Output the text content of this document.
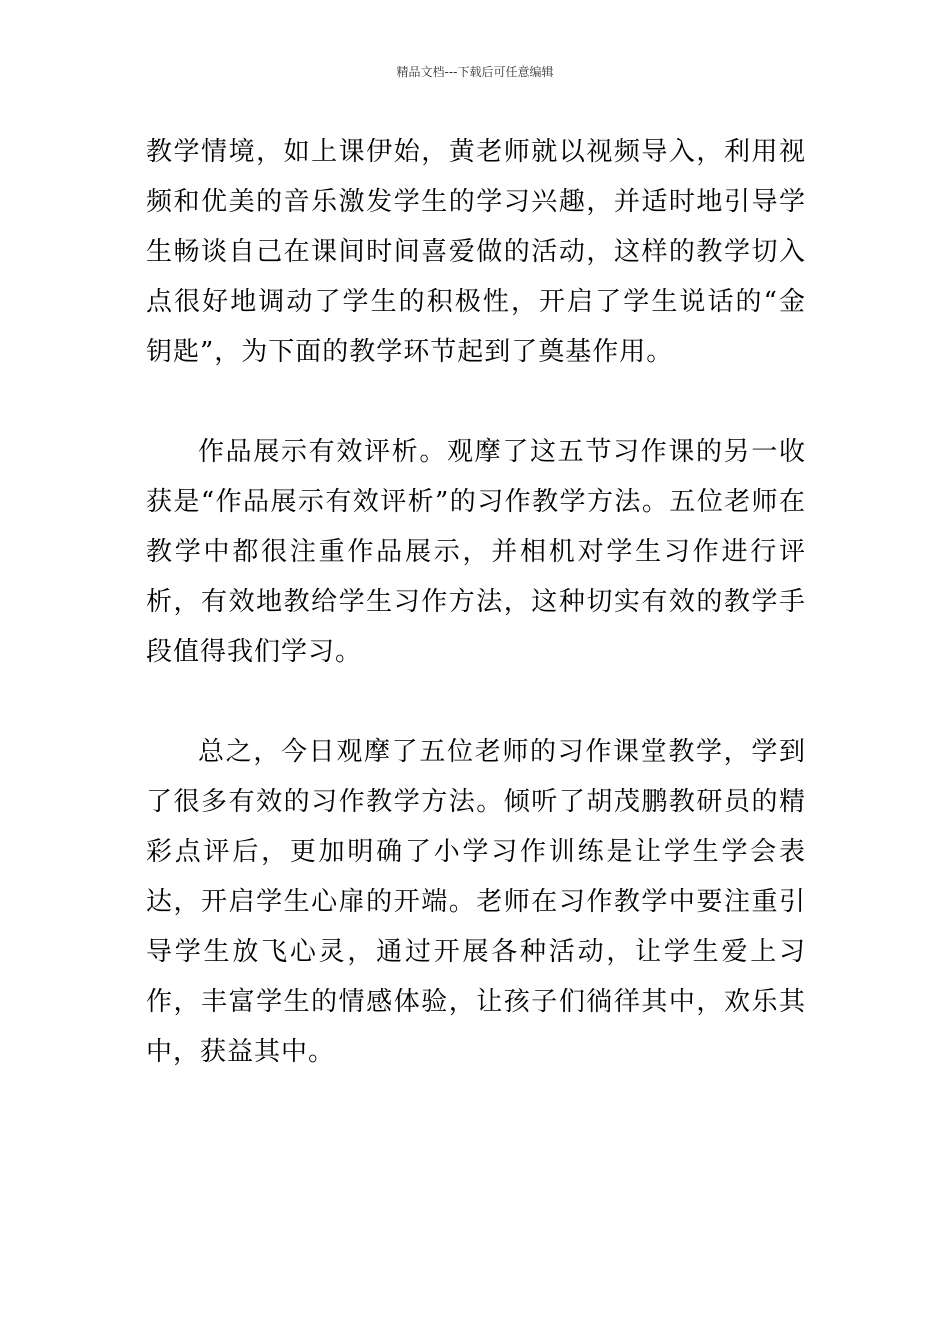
精品文档---下载后可任意编辑

教学情境，如上课伊始，黄老师就以视频导入，利用视频和优美的音乐激发学生的学习兴趣，并适时地引导学生畅谈自己在课间时间喜爱做的活动，这样的教学切入点很好地调动了学生的积极性，开启了学生说话的“金钥匙”，为下面的教学环节起到了奠基作用。

作品展示有效评析。观摩了这五节习作课的另一收获是“作品展示有效评析”的习作教学方法。五位老师在教学中都很注重作品展示，并相机对学生习作进行评析，有效地教给学生习作方法，这种切实有效的教学手段值得我们学习。

总之，今日观摩了五位老师的习作课堂教学，学到了很多有效的习作教学方法。倾听了胡茂鹏教研员的精彩点评后，更加明确了小学习作训练是让学生学会表达，开启学生心扉的开端。老师在习作教学中要注重引导学生放飞心灵，通过开展各种活动，让学生爱上习作，丰富学生的情感体验，让孩子们徜徉其中，欢乐其中，获益其中。
